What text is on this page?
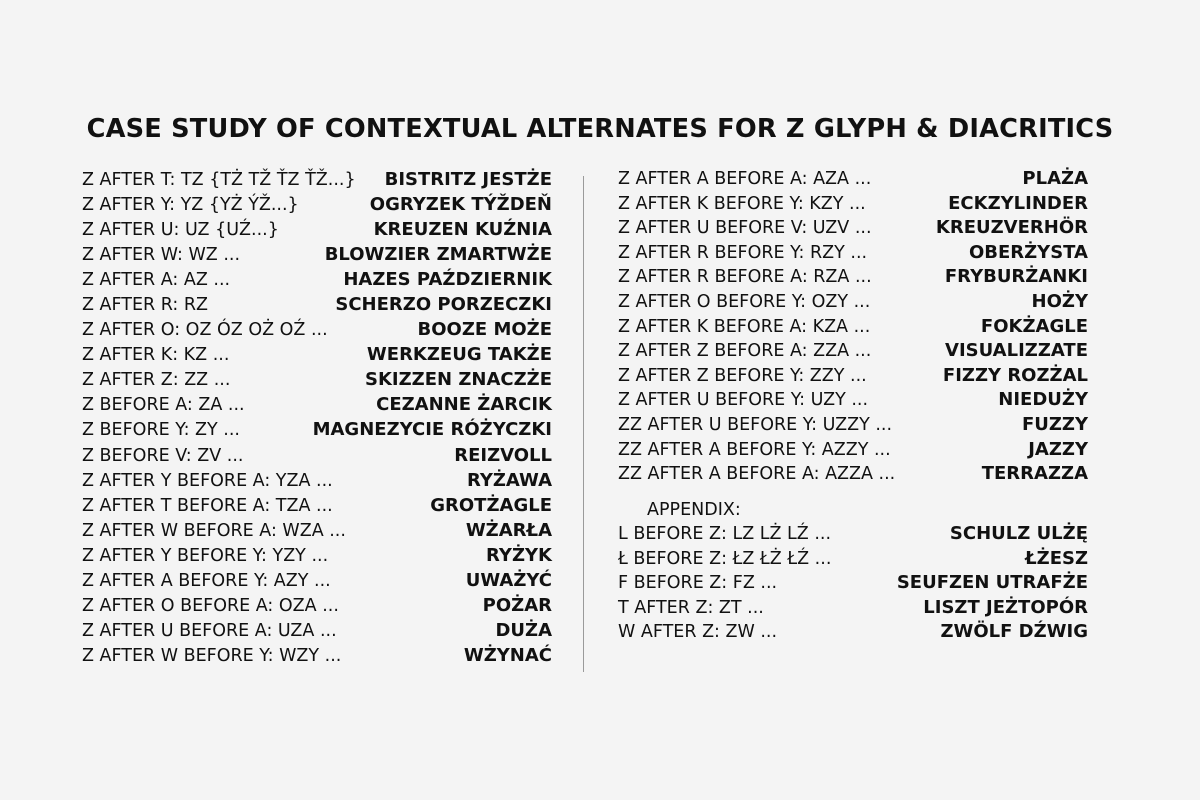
CASE STUDY OF CONTEXTUAL ALTERNATES FOR Z GLYPH & DIACRITICS
Z AFTER T: TZ {TŻ TŽ ŤZ ŤŽ...} BISTRITZ JESTŻE
Z AFTER Y: YZ {YŻ ÝŽ...}	OGRYZEK TÝŽDEŇ
Z AFTER U: UZ {UŹ...}	KREUZEN KUŹNIA
Z AFTER W: WZ ...	BLOWZIER ZMARTWŻE
Z AFTER A: AZ ...	HAZES PAŹDZIERNIK
Z AFTER R: RZ	SCHERZO PORZECZKI
Z AFTER O: OZ ÓZ OŻ OŹ ...	BOOZE MOŻE
Z AFTER K: KZ ...	WERKZEUG TAKŻE
Z AFTER Z: ZZ ...	SKIZZEN ZNACZŻE
Z BEFORE A: ZA ...	CEZANNE ŻARCIK
Z BEFORE Y: ZY ...	MAGNEZYCIE RÓŻYCZKI
Z BEFORE V: ZV ...	REIZVOLL
Z AFTER Y BEFORE A: YZA ...	RYŻAWA
Z AFTER T BEFORE A: TZA ...	GROTŻAGLE
Z AFTER W BEFORE A: WZA ...	WŻARŁA
Z AFTER Y BEFORE Y: YZY ...	RYŻYK
Z AFTER A BEFORE Y: AZY ...	UWAŻYĆ
Z AFTER O BEFORE A: OZA ...	POŻAR
Z AFTER U BEFORE A: UZA ...	DUŻA
Z AFTER W BEFORE Y: WZY ...	WŻYNAĆ
Z AFTER A BEFORE A: AZA ...	PLAŻA
Z AFTER K BEFORE Y: KZY ...	ECKZYLINDER
Z AFTER U BEFORE V: UZV ...	KREUZVERHÖR
Z AFTER R BEFORE Y: RZY ...	OBERŻYSTA
Z AFTER R BEFORE A: RZA ...	FRYBURŻANKI
Z AFTER O BEFORE Y: OZY ...	HOŻY
Z AFTER K BEFORE A: KZA ...	FOKŻAGLE
Z AFTER Z BEFORE A: ZZA ...	VISUALIZZATE
Z AFTER Z BEFORE Y: ZZY ...	FIZZY ROZŻAL
Z AFTER U BEFORE Y: UZY ...	NIEDUŻY
ZZ AFTER U BEFORE Y: UZZY ...	FUZZY
ZZ AFTER A BEFORE Y: AZZY ...	JAZZY
ZZ AFTER A BEFORE A: AZZA ...	TERRAZZA
APPENDIX:
L BEFORE Z: LZ LŻ LŹ ...	SCHULZ ULŻĘ
Ł BEFORE Z: ŁZ ŁŻ ŁŹ ...	ŁŻESZ
F BEFORE Z: FZ ...	SEUFZEN UTRAFŻE
T AFTER Z: ZT ...	LISZT JEŻTOPÓR
W AFTER Z: ZW ...	ZWÖLF DŹWIG
